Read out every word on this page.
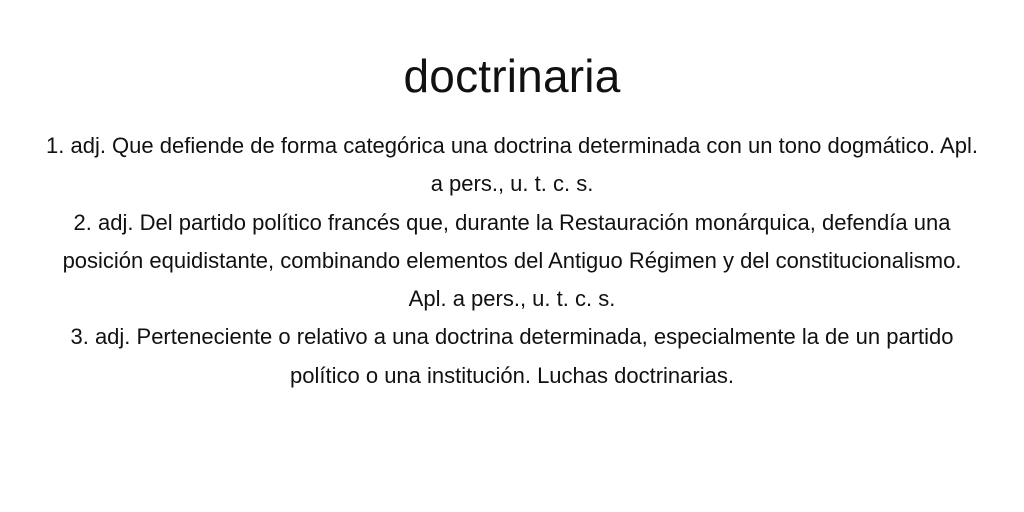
doctrinaria

1. adj. Que defiende de forma categórica una doctrina determinada con un tono dogmático. Apl. a pers., u. t. c. s.

2. adj. Del partido político francés que, durante la Restauración monárquica, defendía una posición equidistante, combinando elementos del Antiguo Régimen y del constitucionalismo. Apl. a pers., u. t. c. s.

3. adj. Perteneciente o relativo a una doctrina determinada, especialmente la de un partido político o una institución. Luchas doctrinarias.
